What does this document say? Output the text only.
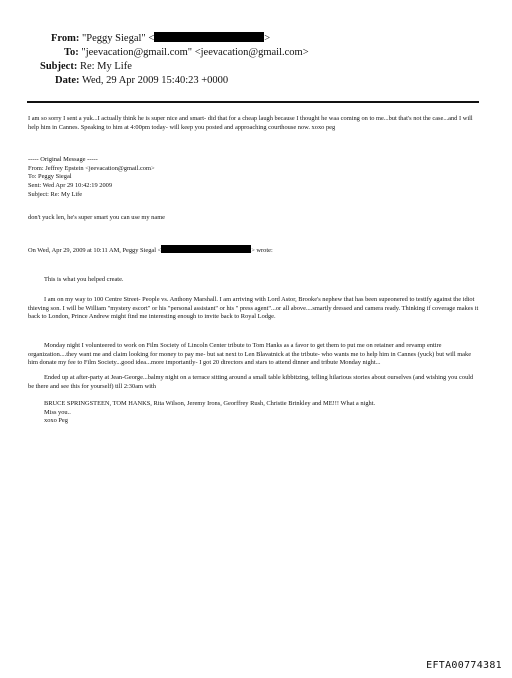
From: "Peggy Siegal" <	>
To: "jeevacation@gmail.com" <jeevacation@gmail.com>
Subject: Re: My Life
Date: Wed, 29 Apr 2009 15:40:23 +0000

I am so sorry I sent a yuk...I actually think he is super nice and smart- did that for a cheap laugh because I thought he waa coming on to me...but that's not the case...and I will help him in Cannes. Speaking to him at 4:00pm today- will keep you posted and approaching courthouse now. xoxo peg

----- Original Message -----

From: Jeffrey Epstein <jeevacation@gmail.com>

To: Peggy Siegal

Sent: Wed Apr 29 10:42:19 2009

Subject: Re: My Life

don't yuck len, he's super smart you can use my name

On Wed, Apr 29, 2009 at 10:11 AM, Peggy Siegal <	> wrote:

This is what you helped create.

I am on my way to 100 Centre Street- People vs. Anthony Marshall. I am arriving with Lord Astor, Brooke's nephew that has been supeonered to testify against the idiot thieving son. I will be William "mystery escort" or his "personal assistant" or his " press agent"...or all above....smartly dressed and camera ready. Thinking if coverage makes it back to London, Prince Andrew might find me interesting enough to invite back to Royal Lodge.

Monday night I volunteered to work on Film Society of Lincoln Center tribute to Tom Hanks as a favor to get them to put me on retainer and revamp entire organization....they want me and claim looking for money to pay me- but sat next to Len Blavatnick at the tribute- who wants me to help him in Cannes (yuck) but will make him donate my fee to Film Society...good idea...more importantly- I got 20 directors and stars to attend dinner and tribute Monday night...

Ended up at after-party at Jean-George...balmy night on a terrace sitting around a small table kibbitzing, telling hilarious stories about ourselves (and wishing you could be there and see this for yourself) till 2:30am with

BRUCE SPRINGSTEEN, TOM HANKS, Rita Wilson, Jeremy Irons, Georffrey Rush, Christie Brinkley and ME!!! What a night.

Miss you..

xoxo Peg

EFTA00774381
